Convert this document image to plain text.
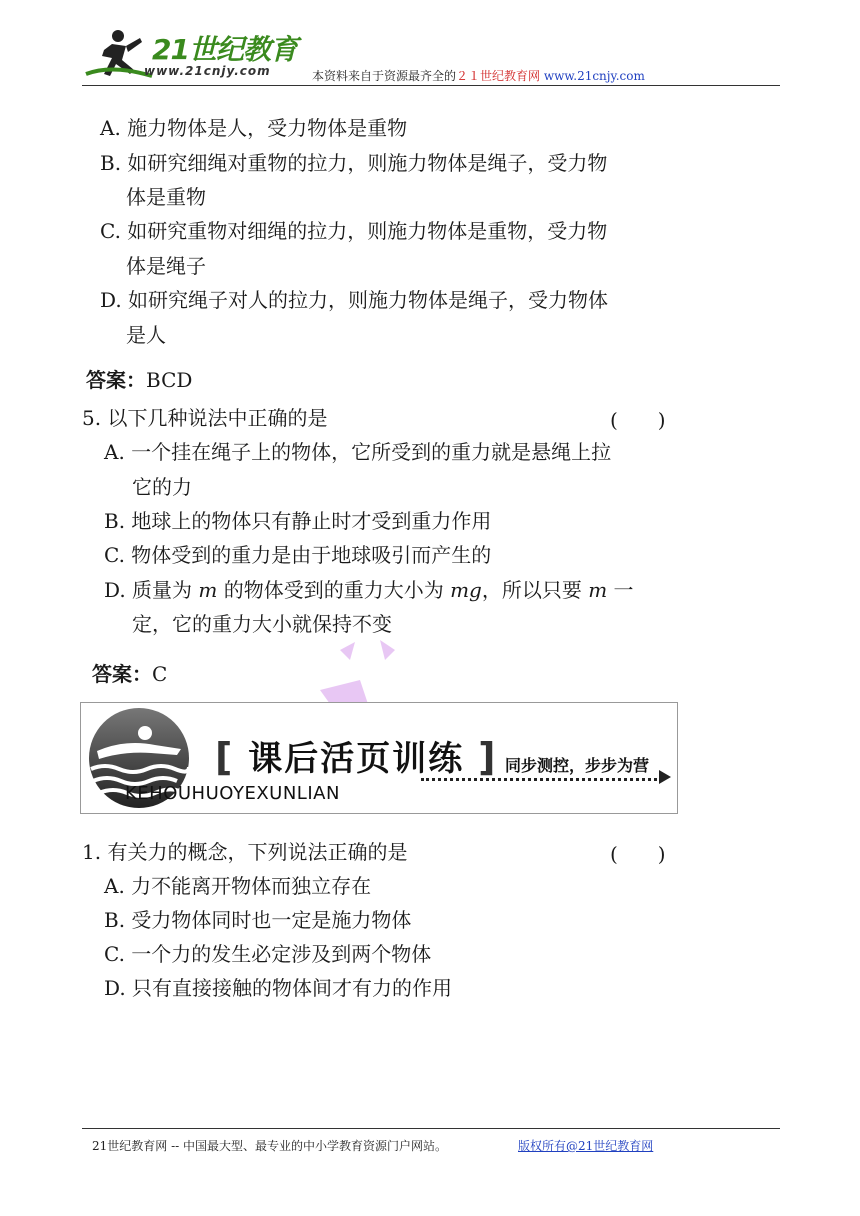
21世纪教育
www.21cnjy.com	本资料来自于资源最齐全的２１世纪教育网 www.21cnjy.com
A. 施力物体是人，受力物体是重物
B. 如研究细绳对重物的拉力，则施力物体是绳子，受力物
体是重物
C. 如研究重物对细绳的拉力，则施力物体是重物，受力物
体是绳子
D. 如研究绳子对人的拉力，则施力物体是绳子，受力物体
是人
答案：BCD
5. 以下几种说法中正确的是	(　　)
A. 一个挂在绳子上的物体，它所受到的重力就是悬绳上拉
它的力
B. 地球上的物体只有静止时才受到重力作用
C. 物体受到的重力是由于地球吸引而产生的
D. 质量为 m 的物体受到的重力大小为 mg，所以只要 m 一
定，它的重力大小就保持不变
答案：C
[ 课后活页训练 ] 同步测控，步步为营
KEHOUHUOYEXUNLIAN
1. 有关力的概念，下列说法正确的是	(　　)
A. 力不能离开物体而独立存在
B. 受力物体同时也一定是施力物体
C. 一个力的发生必定涉及到两个物体
D. 只有直接接触的物体间才有力的作用
21世纪教育网 -- 中国最大型、最专业的中小学教育资源门户网站。	版权所有@21世纪教育网
